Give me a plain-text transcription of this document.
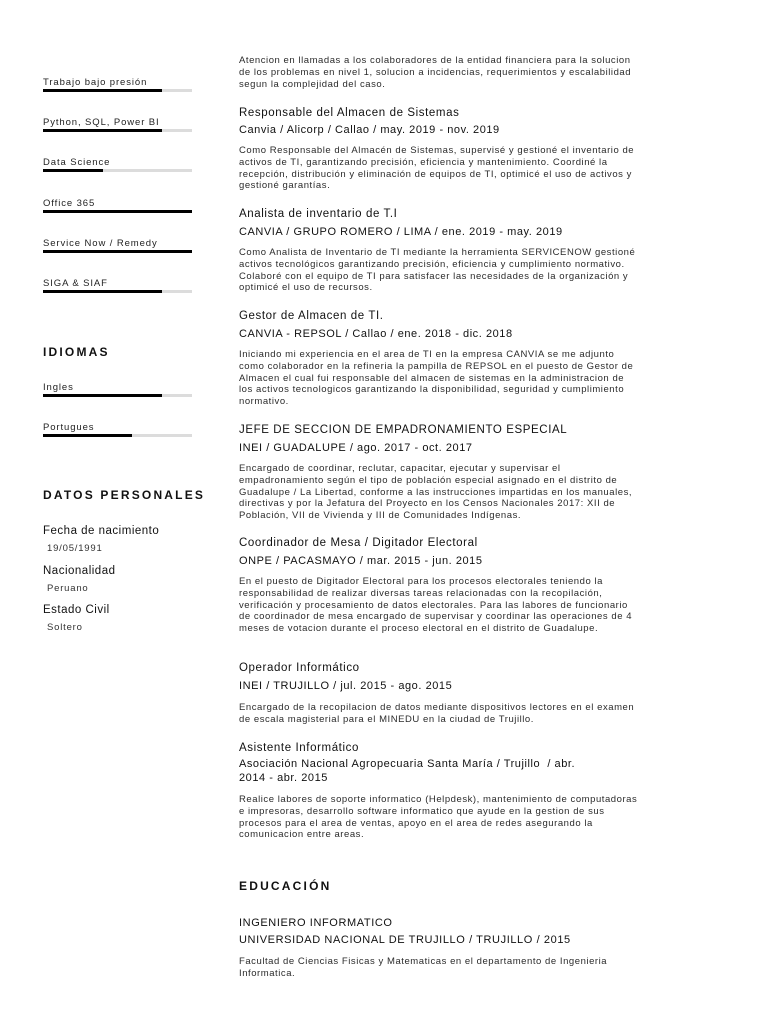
Trabajo bajo presión
Python, SQL, Power BI
Data Science
Office 365
Service Now / Remedy
SIGA & SIAF
IDIOMAS
Ingles
Portugues
DATOS PERSONALES
Fecha de nacimiento
19/05/1991
Nacionalidad
Peruano
Estado Civil
Soltero

Atencion en llamadas a los colaboradores de la entidad financiera para la solucion de los problemas en nivel 1, solucion a incidencias, requerimientos y escalabilidad segun la complejidad del caso.

Responsable del Almacen de Sistemas
Canvia / Alicorp / Callao / may. 2019 - nov. 2019

Como Responsable del Almacén de Sistemas, supervisé y gestioné el inventario de activos de TI, garantizando precisión, eficiencia y mantenimiento. Coordiné la recepción, distribución y eliminación de equipos de TI, optimicé el uso de activos y gestioné garantías.

Analista de inventario de T.I
CANVIA / GRUPO ROMERO / LIMA / ene. 2019 - may. 2019

Como Analista de Inventario de TI mediante la herramienta SERVICENOW gestioné activos tecnológicos garantizando precisión, eficiencia y cumplimiento normativo. Colaboré con el equipo de TI para satisfacer las necesidades de la organización y optimicé el uso de recursos.

Gestor de Almacen de TI.
CANVIA - REPSOL / Callao / ene. 2018 - dic. 2018

Iniciando mi experiencia en el area de TI en la empresa CANVIA se me adjunto como colaborador en la refineria la pampilla de REPSOL en el puesto de Gestor de Almacen el cual fui responsable del almacen de sistemas en la administracion de los activos tecnologicos garantizando la disponibilidad, seguridad y cumplimiento normativo.

JEFE DE SECCION DE EMPADRONAMIENTO ESPECIAL
INEI / GUADALUPE / ago. 2017 - oct. 2017

Encargado de coordinar, reclutar, capacitar, ejecutar y supervisar el empadronamiento según el tipo de población especial asignado en el distrito de Guadalupe / La Libertad, conforme a las instrucciones impartidas en los manuales, directivas y por la Jefatura del Proyecto en los Censos Nacionales 2017: XII de Población, VII de Vivienda y III de Comunidades Indígenas.

Coordinador de Mesa / Digitador Electoral
ONPE / PACASMAYO / mar. 2015 - jun. 2015

En el puesto de Digitador Electoral para los procesos electorales teniendo la responsabilidad de realizar diversas tareas relacionadas con la recopilación, verificación y procesamiento de datos electorales. Para las labores de funcionario de coordinador de mesa encargado de supervisar y coordinar las operaciones de 4 meses de votacion durante el proceso electoral en el distrito de Guadalupe.

Operador Informático
INEI / TRUJILLO / jul. 2015 - ago. 2015

Encargado de la recopilacion de datos mediante dispositivos lectores en el examen de escala magisterial para el MINEDU en la ciudad de Trujillo.

Asistente Informático
Asociación Nacional Agropecuaria Santa María / Trujillo  / abr. 2014 - abr. 2015

Realice labores de soporte informatico (Helpdesk), mantenimiento de computadoras e impresoras, desarrollo software informatico que ayude en la gestion de sus procesos para el area de ventas, apoyo en el area de redes asegurando la comunicacion entre areas.

EDUCACIÓN
INGENIERO INFORMATICO
UNIVERSIDAD NACIONAL DE TRUJILLO / TRUJILLO / 2015

Facultad de Ciencias Fisicas y Matematicas en el departamento de Ingenieria Informatica.
